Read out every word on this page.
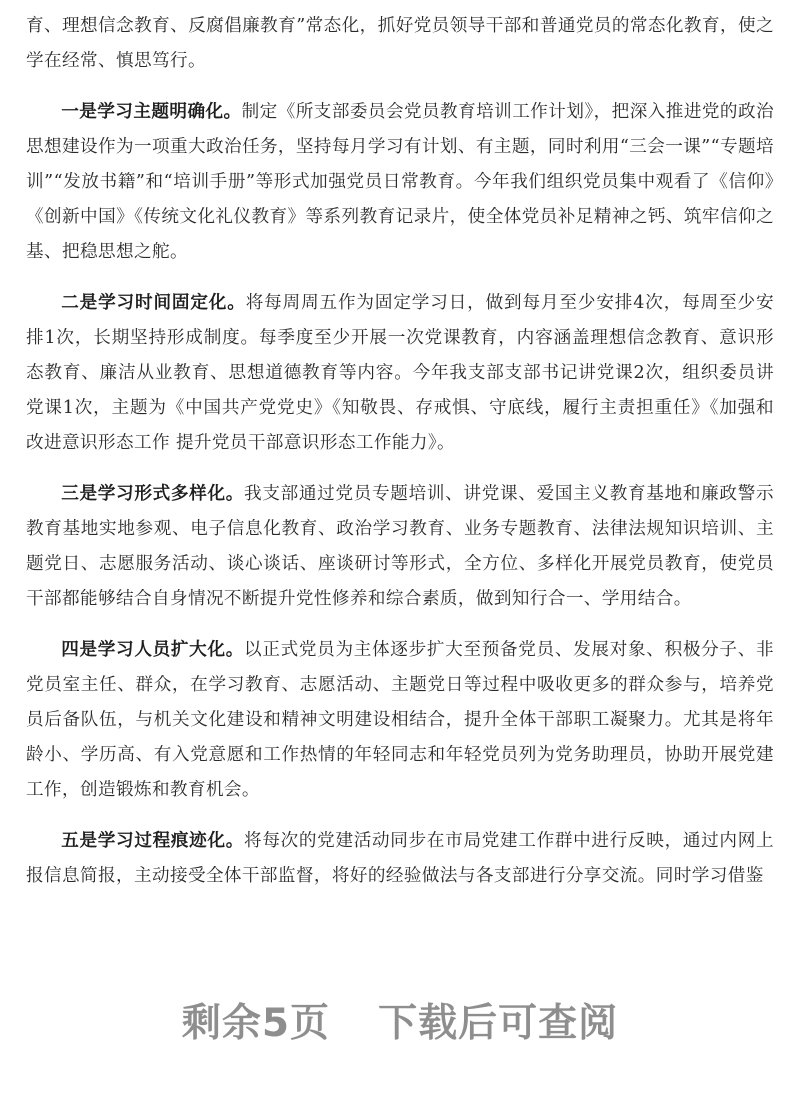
育、理想信念教育、反腐倡廉教育”常态化，抓好党员领导干部和普通党员的常态化教育，使之学在经常、慎思笃行。

一是学习主题明确化。制定《所支部委员会党员教育培训工作计划》，把深入推进党的政治思想建设作为一项重大政治任务，坚持每月学习有计划、有主题，同时利用“三会一课”“专题培训”“发放书籍”和“培训手册”等形式加强党员日常教育。今年我们组织党员集中观看了《信仰》《创新中国》《传统文化礼仪教育》等系列教育记录片，使全体党员补足精神之钙、筑牢信仰之基、把稳思想之舵。

二是学习时间固定化。将每周周五作为固定学习日，做到每月至少安排4次，每周至少安排1次，长期坚持形成制度。每季度至少开展一次党课教育，内容涵盖理想信念教育、意识形态教育、廉洁从业教育、思想道德教育等内容。今年我支部支部书记讲党课2次，组织委员讲党课1次，主题为《中国共产党党史》《知敬畏、存戒惧、守底线，履行主责担重任》《加强和改进意识形态工作 提升党员干部意识形态工作能力》。

三是学习形式多样化。我支部通过党员专题培训、讲党课、爱国主义教育基地和廉政警示教育基地实地参观、电子信息化教育、政治学习教育、业务专题教育、法律法规知识培训、主题党日、志愿服务活动、谈心谈话、座谈研讨等形式，全方位、多样化开展党员教育，使党员干部都能够结合自身情况不断提升党性修养和综合素质，做到知行合一、学用结合。

四是学习人员扩大化。以正式党员为主体逐步扩大至预备党员、发展对象、积极分子、非党员室主任、群众，在学习教育、志愿活动、主题党日等过程中吸收更多的群众参与，培养党员后备队伍，与机关文化建设和精神文明建设相结合，提升全体干部职工凝聚力。尤其是将年龄小、学历高、有入党意愿和工作热情的年轻同志和年轻党员列为党务助理员，协助开展党建工作，创造锻炼和教育机会。

五是学习过程痕迹化。将每次的党建活动同步在市局党建工作群中进行反映，通过内网上报信息简报，主动接受全体干部监督，将好的经验做法与各支部进行分享交流。同时学习借鉴

剩余5页 下载后可查阅
